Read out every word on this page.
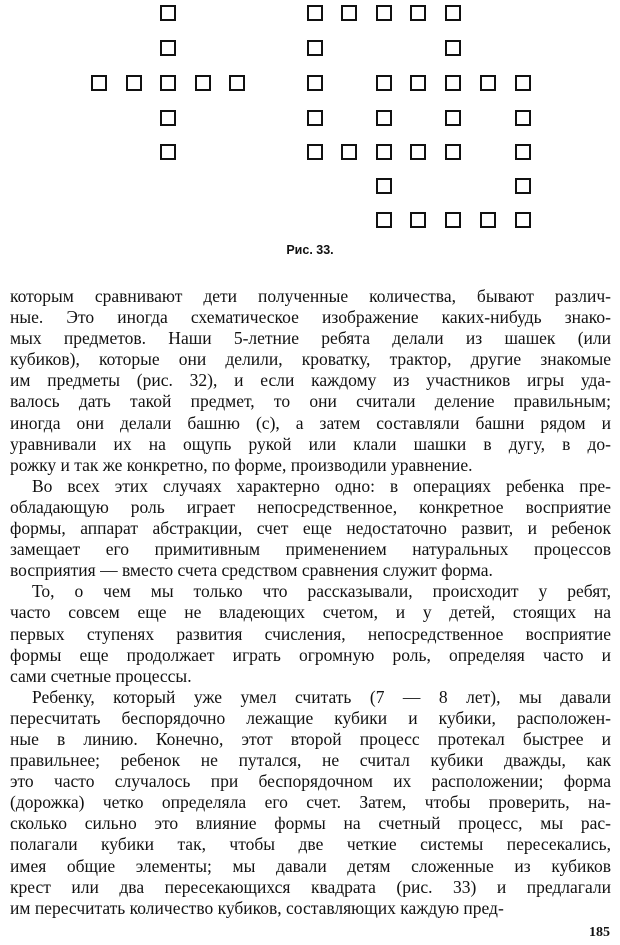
Рис. 33.
которым сравнивают дети полученные количества, бывают различ-
ные. Это иногда схематическое изображение каких-нибудь знако-
мых предметов. Наши 5-летние ребята делали из шашек (или
кубиков), которые они делили, кроватку, трактор, другие знакомые
им предметы (рис. 32), и если каждому из участников игры уда-
валось дать такой предмет, то они считали деление правильным;
иногда они делали башню (с), а затем составляли башни рядом и
уравнивали их на ощупь рукой или клали шашки в дугу, в до-
рожку и так же конкретно, по форме, производили уравнение.
Во всех этих случаях характерно одно: в операциях ребенка пре-
обладающую роль играет непосредственное, конкретное восприятие
формы, аппарат абстракции, счет еще недостаточно развит, и ребенок
замещает его примитивным применением натуральных процессов
восприятия — вместо счета средством сравнения служит форма.
То, о чем мы только что рассказывали, происходит у ребят,
часто совсем еще не владеющих счетом, и у детей, стоящих на
первых ступенях развития счисления, непосредственное восприятие
формы еще продолжает играть огромную роль, определяя часто и
сами счетные процессы.
Ребенку, который уже умел считать (7 — 8 лет), мы давали
пересчитать беспорядочно лежащие кубики и кубики, расположен-
ные в линию. Конечно, этот второй процесс протекал быстрее и
правильнее; ребенок не путался, не считал кубики дважды, как
это часто случалось при беспорядочном их расположении; форма
(дорожка) четко определяла его счет. Затем, чтобы проверить, на-
сколько сильно это влияние формы на счетный процесс, мы рас-
полагали кубики так, чтобы две четкие системы пересекались,
имея общие элементы; мы давали детям сложенные из кубиков
крест или два пересекающихся квадрата (рис. 33) и предлагали
им пересчитать количество кубиков, составляющих каждую пред-
185
